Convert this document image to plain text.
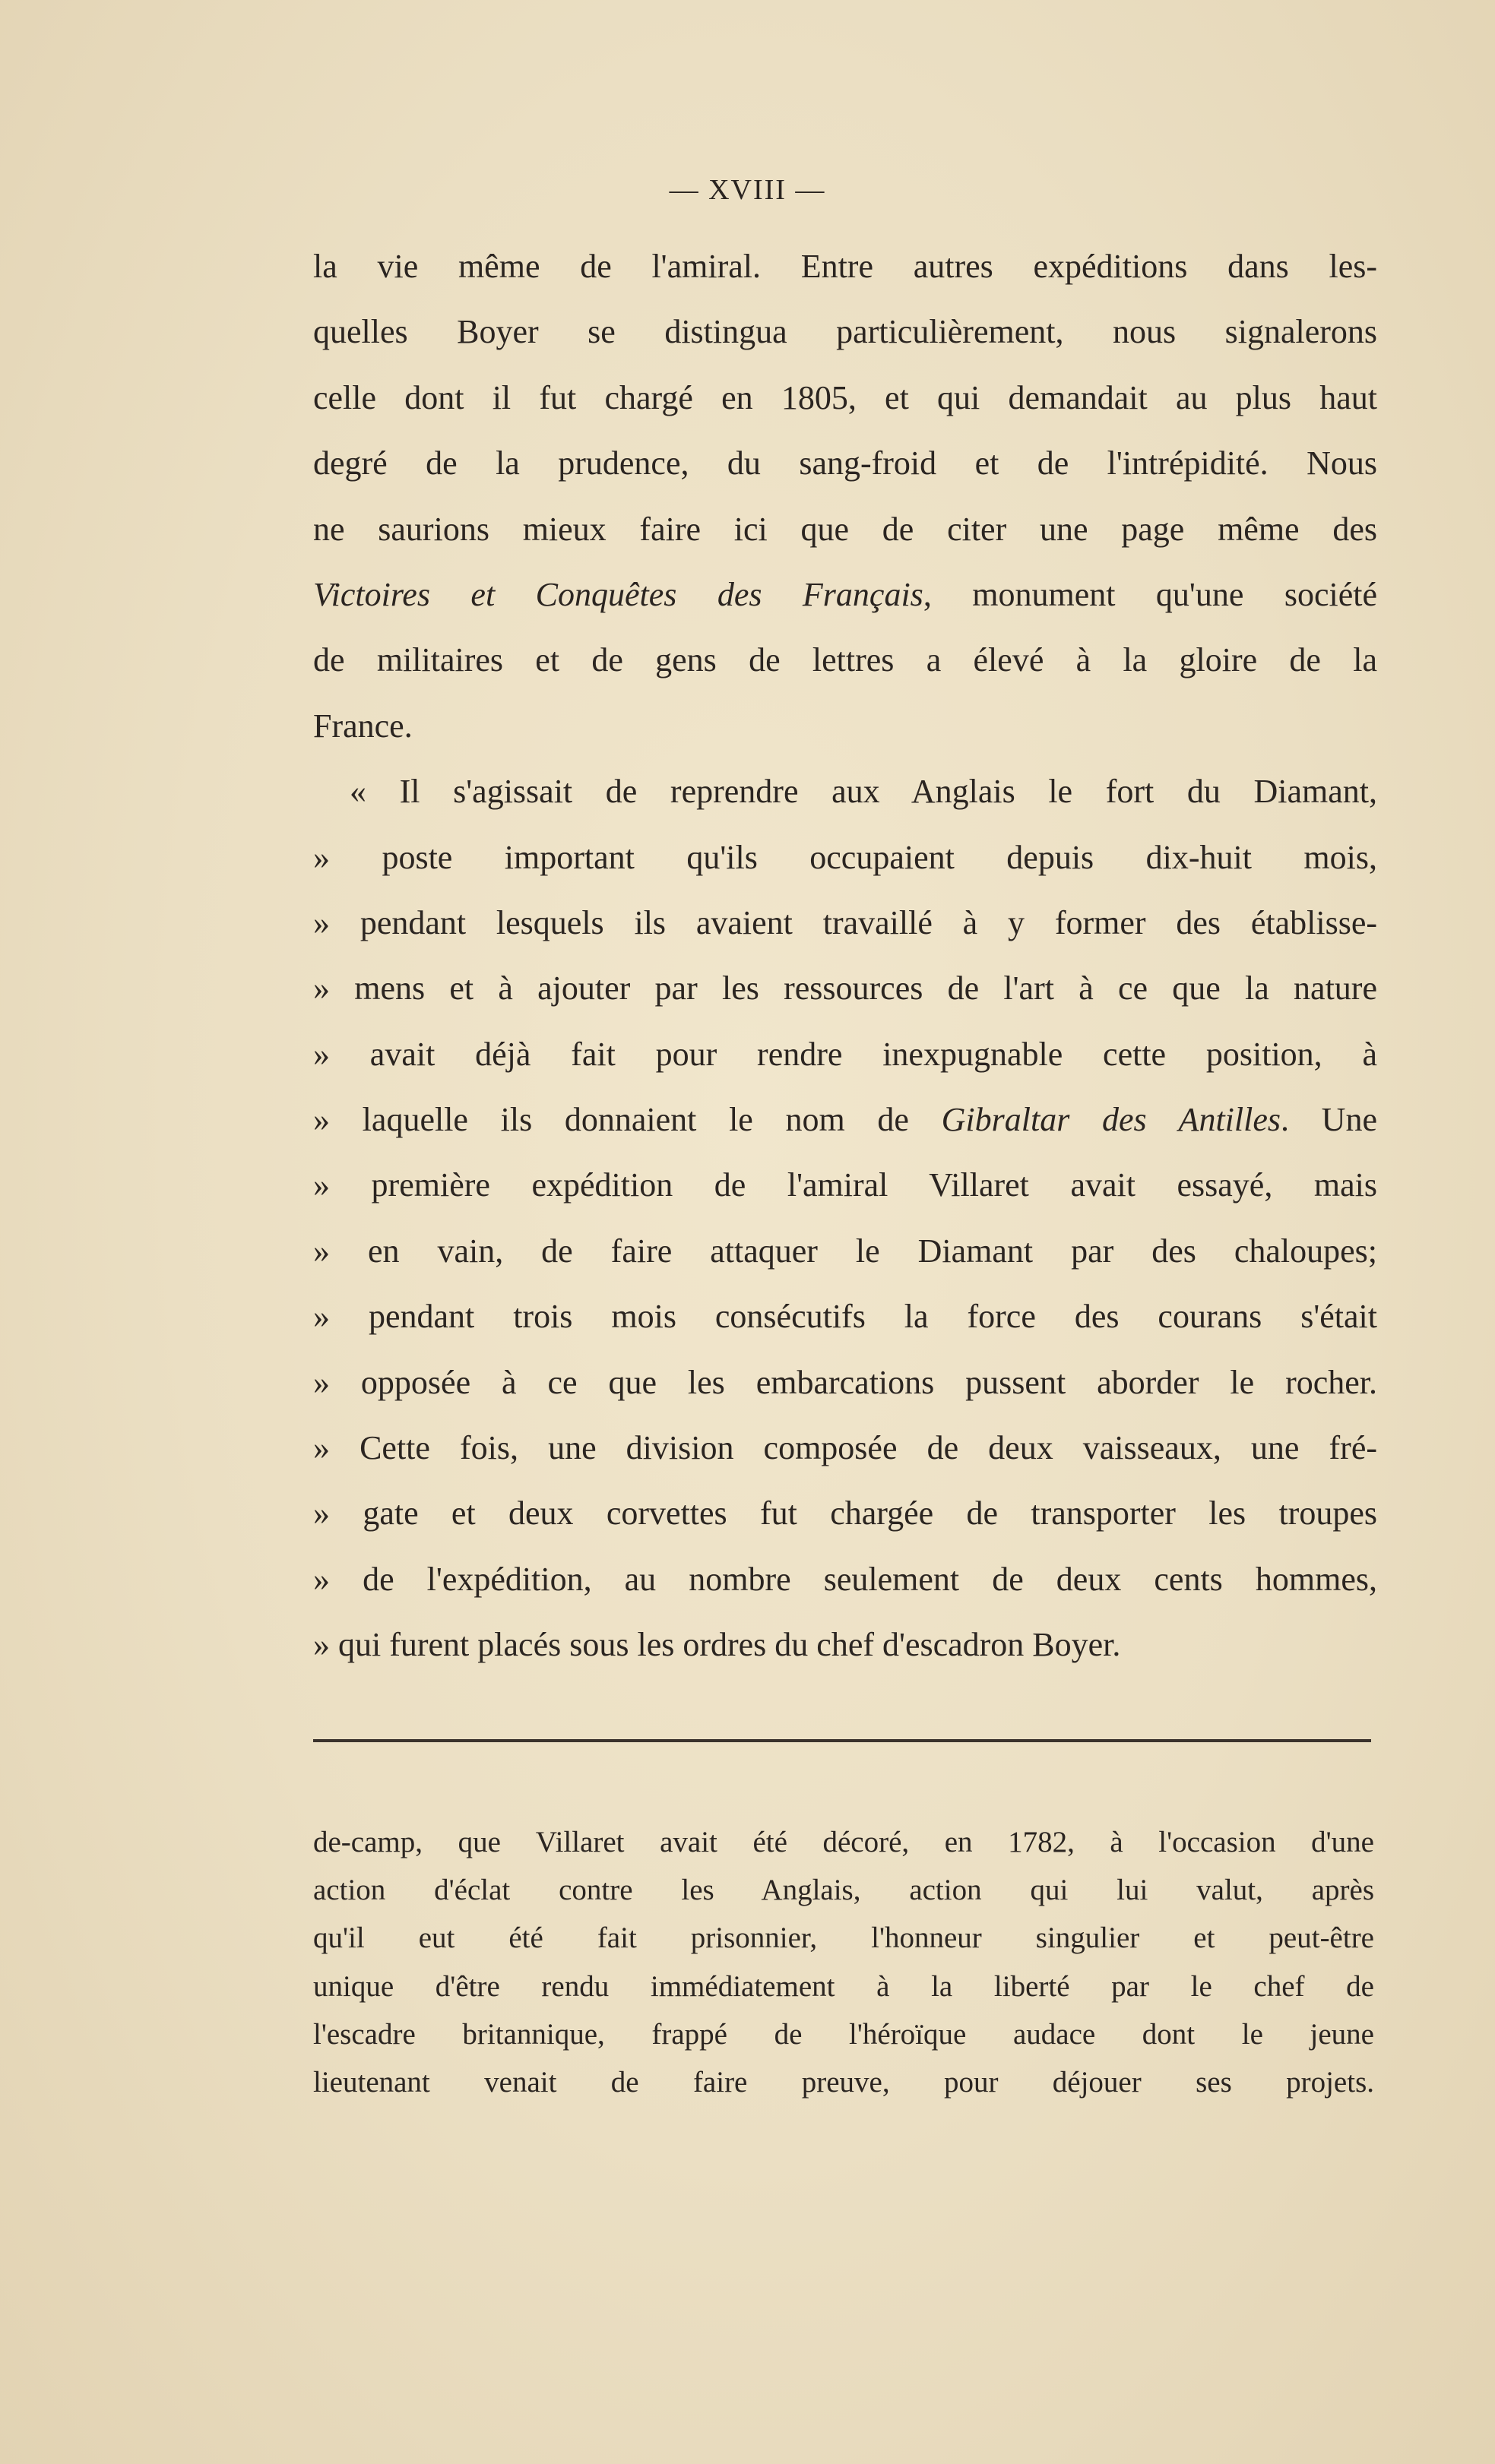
— XVIII —
la vie même de l'amiral. Entre autres expéditions dans les-
quelles Boyer se distingua particulièrement, nous signalerons
celle dont il fut chargé en 1805, et qui demandait au plus haut
degré de la prudence, du sang-froid et de l'intrépidité. Nous
ne saurions mieux faire ici que de citer une page même des
Victoires et Conquêtes des Français, monument qu'une société
de militaires et de gens de lettres a élevé à la gloire de la
France.
« Il s'agissait de reprendre aux Anglais le fort du Diamant,
» poste important qu'ils occupaient depuis dix-huit mois,
» pendant lesquels ils avaient travaillé à y former des établisse-
» mens et à ajouter par les ressources de l'art à ce que la nature
» avait déjà fait pour rendre inexpugnable cette position, à
» laquelle ils donnaient le nom de Gibraltar des Antilles. Une
» première expédition de l'amiral Villaret avait essayé, mais
» en vain, de faire attaquer le Diamant par des chaloupes;
» pendant trois mois consécutifs la force des courans s'était
» opposée à ce que les embarcations pussent aborder le rocher.
» Cette fois, une division composée de deux vaisseaux, une fré-
» gate et deux corvettes fut chargée de transporter les troupes
» de l'expédition, au nombre seulement de deux cents hommes,
» qui furent placés sous les ordres du chef d'escadron Boyer.
de-camp, que Villaret avait été décoré, en 1782, à l'occasion d'une
action d'éclat contre les Anglais, action qui lui valut, après
qu'il eut été fait prisonnier, l'honneur singulier et peut-être
unique d'être rendu immédiatement à la liberté par le chef de
l'escadre britannique, frappé de l'héroïque audace dont le jeune
lieutenant venait de faire preuve, pour déjouer ses projets.
